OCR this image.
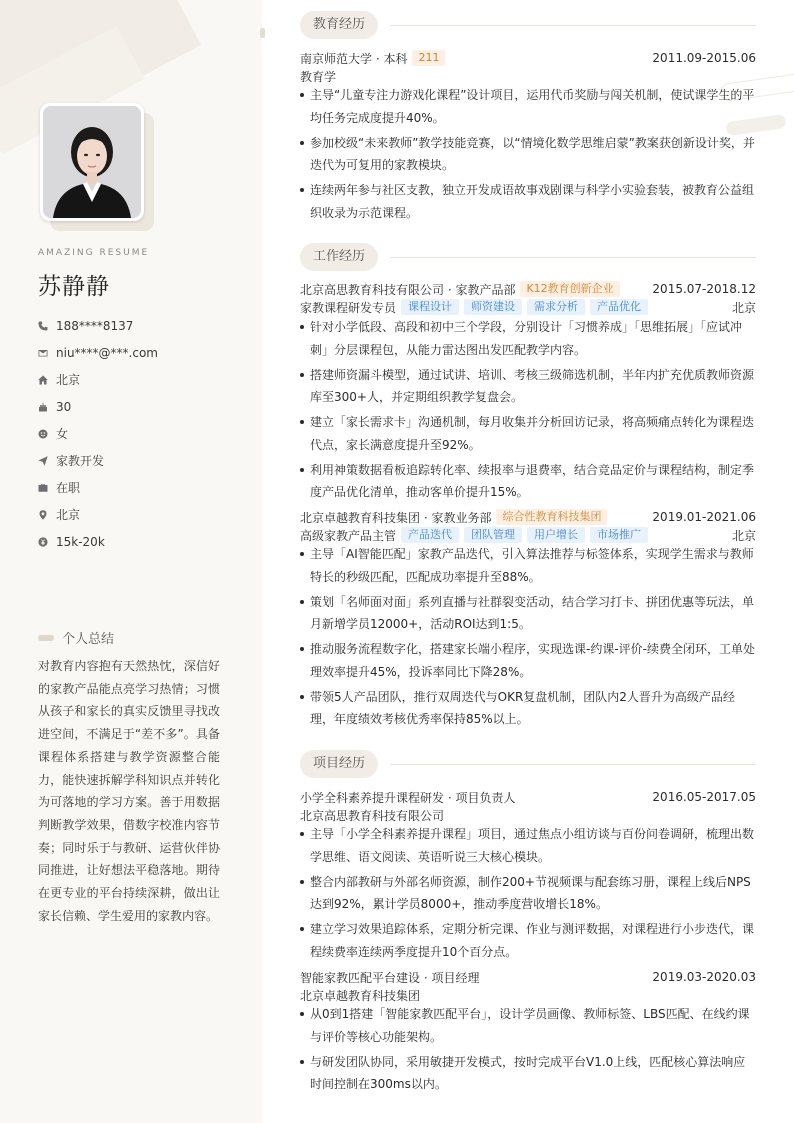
AMAZING RESUME
苏静静
188****8137
niu****@***.com
北京
30
女
家教开发
在职
北京
15k-20k
个人总结
对教育内容抱有天然热忱，深信好的家教产品能点亮学习热情；习惯从孩子和家长的真实反馈里寻找改进空间，不满足于“差不多”。具备课程体系搭建与教学资源整合能力，能快速拆解学科知识点并转化为可落地的学习方案。善于用数据判断教学效果，借数字校准内容节奏；同时乐于与教研、运营伙伴协同推进，让好想法平稳落地。期待在更专业的平台持续深耕，做出让家长信赖、学生爱用的家教内容。
教育经历
南京师范大学 · 本科	211	2011.09-2015.06
教育学
主导“儿童专注力游戏化课程”设计项目，运用代币奖励与闯关机制，使试课学生的平均任务完成度提升40%。
参加校级“未来教师”教学技能竞赛，以“情境化数学思维启蒙”教案获创新设计奖，并迭代为可复用的家教模块。
连续两年参与社区支教，独立开发成语故事戏剧课与科学小实验套装，被教育公益组织收录为示范课程。
工作经历
北京高思教育科技有限公司 · 家教产品部	K12教育创新企业	2015.07-2018.12
家教课程研发专员	课程设计	师资建设	需求分析	产品优化	北京
针对小学低段、高段和初中三个学段，分别设计「习惯养成」「思维拓展」「应试冲刺」分层课程包，从能力雷达图出发匹配教学内容。
搭建师资漏斗模型，通过试讲、培训、考核三级筛选机制，半年内扩充优质教师资源库至300+人，并定期组织教学复盘会。
建立「家长需求卡」沟通机制，每月收集并分析回访记录，将高频痛点转化为课程迭代点，家长满意度提升至92%。
利用神策数据看板追踪转化率、续报率与退费率，结合竞品定价与课程结构，制定季度产品优化清单，推动客单价提升15%。
北京卓越教育科技集团 · 家教业务部	综合性教育科技集团	2019.01-2021.06
高级家教产品主管	产品迭代	团队管理	用户增长	市场推广	北京
主导「AI智能匹配」家教产品迭代，引入算法推荐与标签体系，实现学生需求与教师特长的秒级匹配，匹配成功率提升至88%。
策划「名师面对面」系列直播与社群裂变活动，结合学习打卡、拼团优惠等玩法，单月新增学员12000+，活动ROI达到1:5。
推动服务流程数字化，搭建家长端小程序，实现选课-约课-评价-续费全闭环，工单处理效率提升45%，投诉率同比下降28%。
带领5人产品团队，推行双周迭代与OKR复盘机制，团队内2人晋升为高级产品经理，年度绩效考核优秀率保持85%以上。
项目经历
小学全科素养提升课程研发 · 项目负责人	2016.05-2017.05
北京高思教育科技有限公司
主导「小学全科素养提升课程」项目，通过焦点小组访谈与百份问卷调研，梳理出数学思维、语文阅读、英语听说三大核心模块。
整合内部教研与外部名师资源，制作200+节视频课与配套练习册，课程上线后NPS达到92%，累计学员8000+，推动季度营收增长18%。
建立学习效果追踪体系，定期分析完课、作业与测评数据，对课程进行小步迭代，课程续费率连续两季度提升10个百分点。
智能家教匹配平台建设 · 项目经理	2019.03-2020.03
北京卓越教育科技集团
从0到1搭建「智能家教匹配平台」，设计学员画像、教师标签、LBS匹配、在线约课与评价等核心功能架构。
与研发团队协同，采用敏捷开发模式，按时完成平台V1.0上线，匹配核心算法响应时间控制在300ms以内。
